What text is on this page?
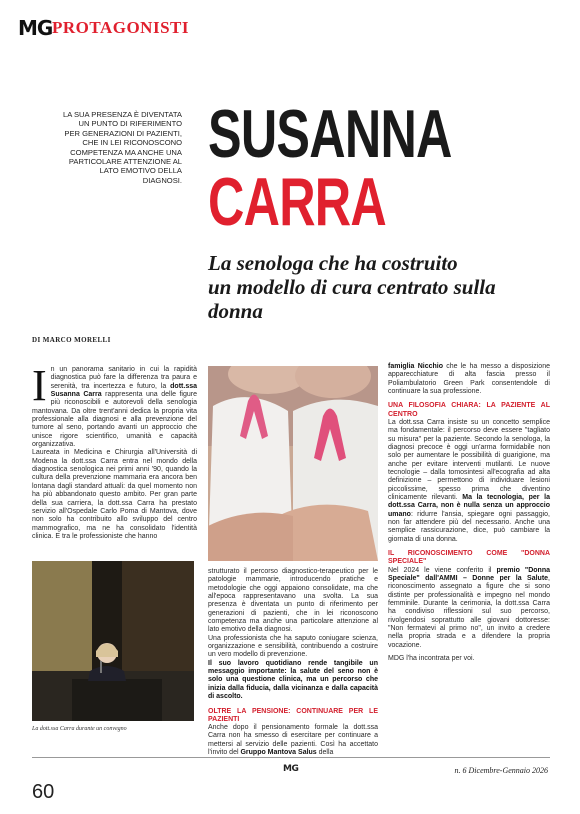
MG PROTAGONISTI
LA SUA PRESENZA È DIVENTATA UN PUNTO DI RIFERIMENTO PER GENERAZIONI DI PAZIENTI, CHE IN LEI RICONOSCONO COMPETENZA MA ANCHE UNA PARTICOLARE ATTENZIONE AL LATO EMOTIVO DELLA DIAGNOSI.
SUSANNA
CARRA
La senologa che ha costruito
un modello di cura centrato sulla donna
DI MARCO MORELLI

I n un panorama sanitario in cui la rapidità diagnostica può fare la differenza tra paura e serenità, tra incertezza e futuro, la dott.ssa Susanna Carra rappresenta una delle figure più riconoscibili e autorevoli della senologia mantovana. Da oltre trent'anni dedica la propria vita professionale alla diagnosi e alla prevenzione del tumore al seno, portando avanti un approccio che unisce rigore scientifico, umanità e capacità organizzativa.

Laureata in Medicina e Chirurgia all'Università di Modena la dott.ssa Carra entra nel mondo della diagnostica senologica nei primi anni '90, quando la cultura della prevenzione mammaria era ancora ben lontana dagli standard attuali: da quel momento non ha più abbandonato questo ambito. Per gran parte della sua carriera, la dott.ssa Carra ha prestato servizio all'Ospedale Carlo Poma di Mantova, dove non solo ha contribuito allo sviluppo del centro mammografico, ma ne ha consolidato l'identità clinica. E tra le professioniste che hanno

La dott.ssa Carra durante un convegno

strutturato il percorso diagnostico-terapeutico per le patologie mammarie, introducendo pratiche e metodologie che oggi appaiono consolidate, ma che all'epoca rappresentavano una svolta. La sua presenza è diventata un punto di riferimento per generazioni di pazienti, che in lei riconoscono competenza ma anche una particolare attenzione al lato emotivo della diagnosi.

Una professionista che ha saputo coniugare scienza, organizzazione e sensibilità, contribuendo a costruire un vero modello di prevenzione.

Il suo lavoro quotidiano rende tangibile un messaggio importante: la salute del seno non è solo una questione clinica, ma un percorso che inizia dalla fiducia, dalla vicinanza e dalla capacità di ascolto.

OLTRE LA PENSIONE: CONTINUARE PER LE PAZIENTI

Anche dopo il pensionamento formale la dott.ssa Carra non ha smesso di esercitare per continuare a mettersi al servizio delle pazienti. Così ha accettato l'invito del Gruppo Mantova Salus della

famiglia Nicchio che le ha messo a disposizione apparecchiature di alta fascia presso il Poliambulatorio Green Park consentendole di continuare la sua professione.

UNA FILOSOFIA CHIARA: LA PAZIENTE AL CENTRO

La dott.ssa Carra insiste su un concetto semplice ma fondamentale: il percorso deve essere "tagliato su misura" per la paziente. Secondo la senologa, la diagnosi precoce è oggi un'arma formidabile non solo per aumentare le possibilità di guarigione, ma anche per evitare interventi mutilanti. Le nuove tecnologie – dalla tomosintesi all'ecografia ad alta definizione – permettono di individuare lesioni piccolissime, spesso prima che diventino clinicamente rilevanti. Ma la tecnologia, per la dott.ssa Carra, non è nulla senza un approccio umano: ridurre l'ansia, spiegare ogni passaggio, non far attendere più del necessario. Anche una semplice rassicurazione, dice, può cambiare la giornata di una donna.

IL RICONOSCIMENTO COME "DONNA SPECIALE"

Nel 2024 le viene conferito il premio "Donna Speciale" dall'AMMI – Donne per la Salute, riconoscimento assegnato a figure che si sono distinte per professionalità e impegno nel mondo femminile. Durante la cerimonia, la dott.ssa Carra ha condiviso riflessioni sul suo percorso, rivolgendosi soprattutto alle giovani dottoresse: "Non fermatevi al primo no", un invito a credere nella propria strada e a difendere la propria vocazione.

MDG l'ha incontrata per voi.

60
MG	n. 6 Dicembre-Gennaio 2026
